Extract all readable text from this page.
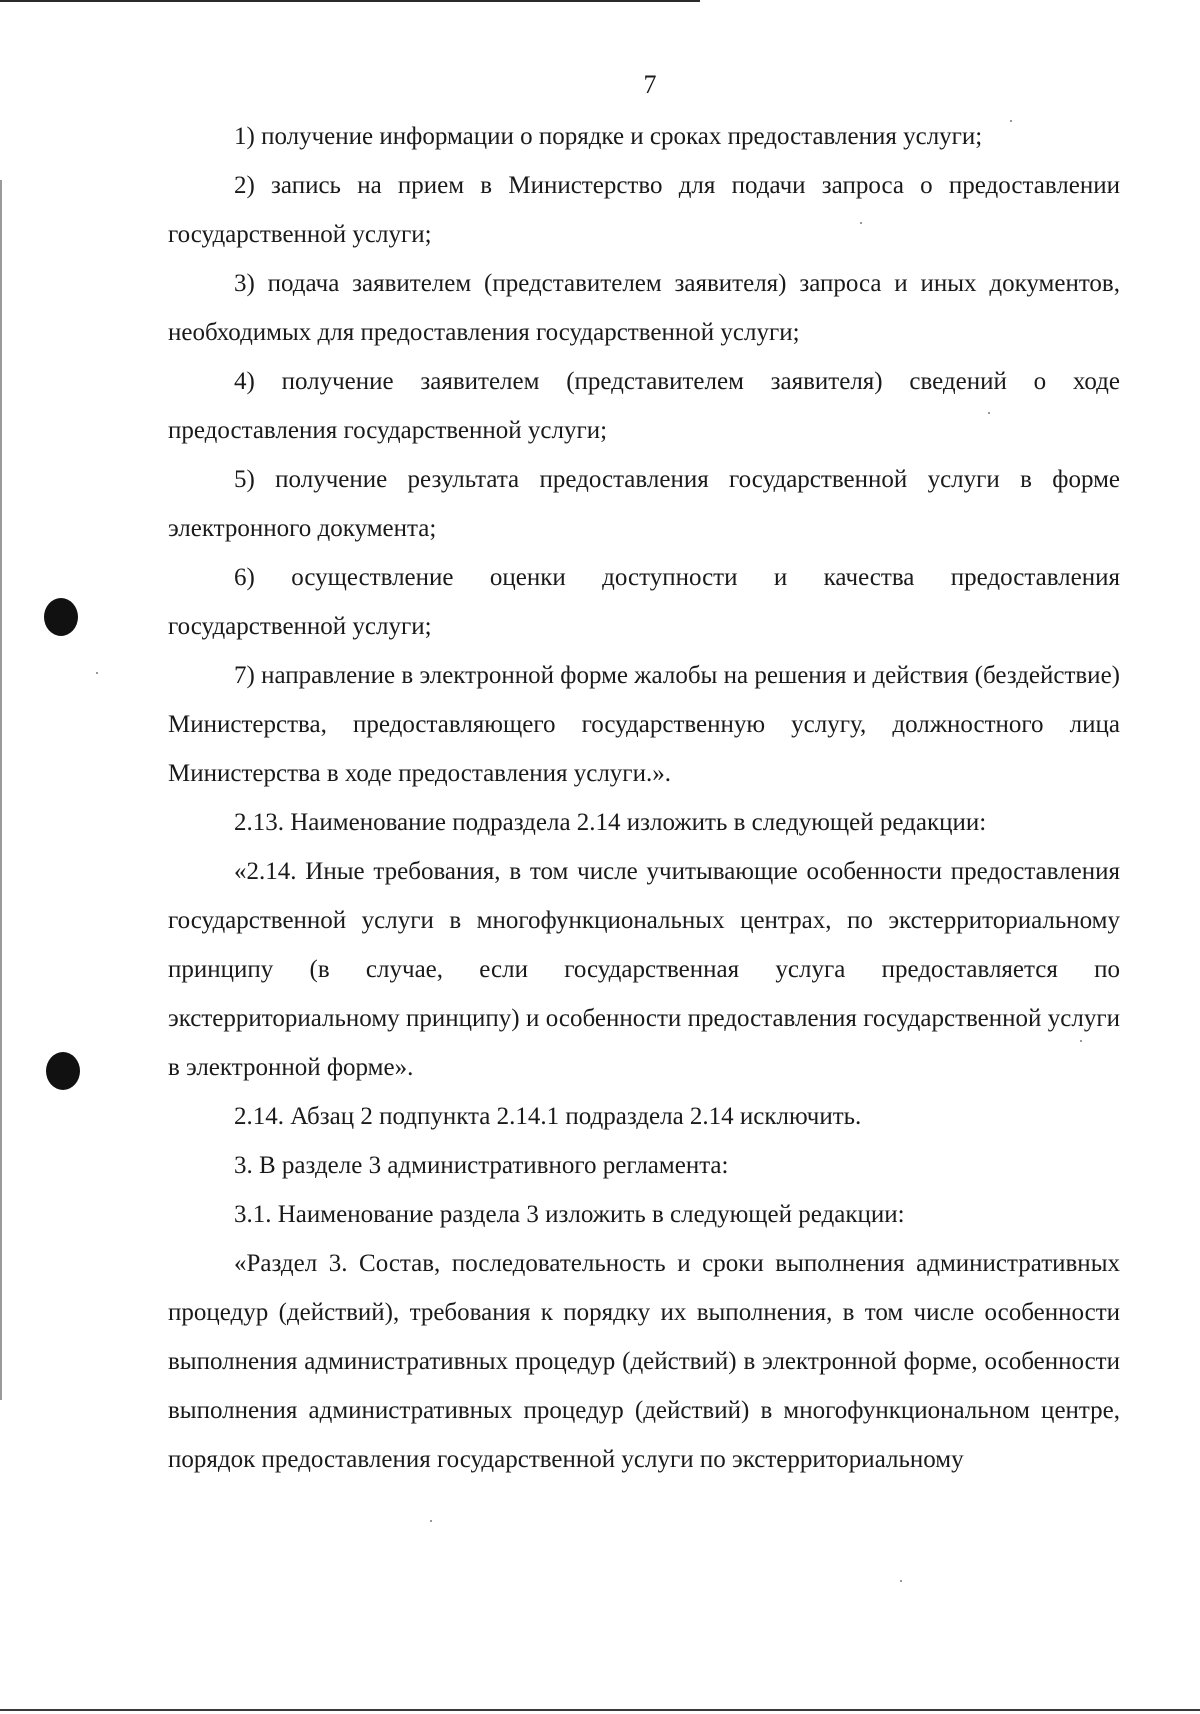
7

1) получение информации о порядке и сроках предоставления услуги;

2) запись на прием в Министерство для подачи запроса о предоставлении государственной услуги;

3) подача заявителем (представителем заявителя) запроса и иных документов, необходимых для предоставления государственной услуги;

4) получение заявителем (представителем заявителя) сведений о ходе предоставления государственной услуги;

5) получение результата предоставления государственной услуги в форме электронного документа;

6) осуществление оценки доступности и качества предоставления государственной услуги;

7) направление в электронной форме жалобы на решения и действия (бездействие) Министерства, предоставляющего государственную услугу, должностного лица Министерства в ходе предоставления услуги.».

2.13. Наименование подраздела 2.14 изложить в следующей редакции:

«2.14. Иные требования, в том числе учитывающие особенности предоставления государственной услуги в многофункциональных центрах, по экстерриториальному принципу (в случае, если государственная услуга предоставляется по экстерриториальному принципу) и особенности предоставления государственной услуги в электронной форме».

2.14. Абзац 2 подпункта 2.14.1 подраздела 2.14 исключить.

3. В разделе 3 административного регламента:

3.1. Наименование раздела 3 изложить в следующей редакции:

«Раздел 3. Состав, последовательность и сроки выполнения административных процедур (действий), требования к порядку их выполнения, в том числе особенности выполнения административных процедур (действий) в электронной форме, особенности выполнения административных процедур (действий) в многофункциональном центре, порядок предоставления государственной услуги по экстерриториальному
